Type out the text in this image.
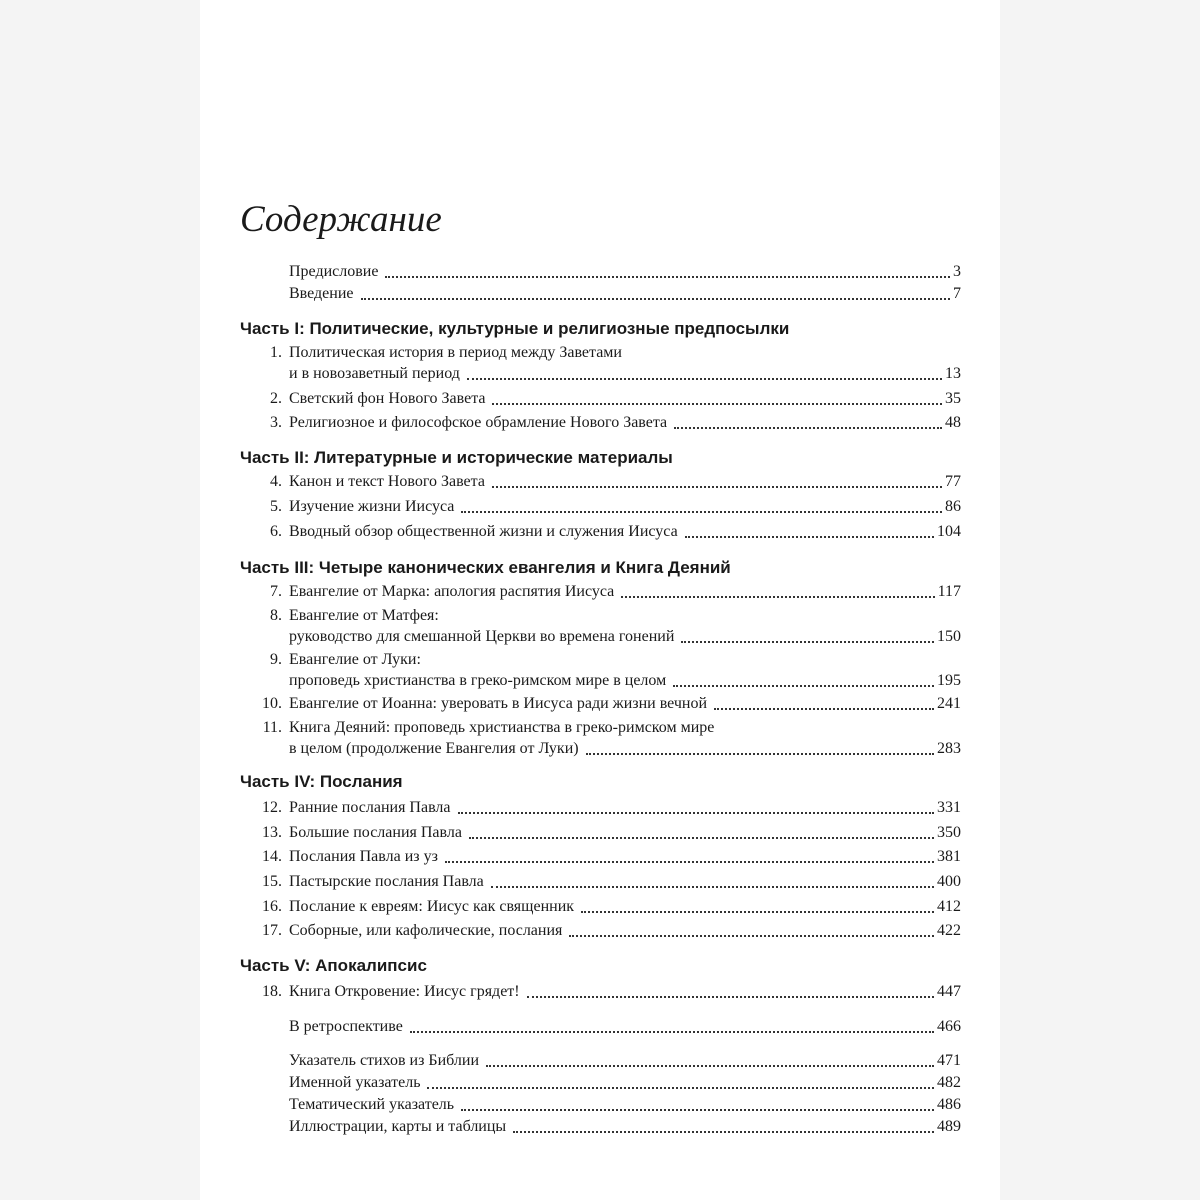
Содержание
Предисловие	3
Введение	7
Часть I: Политические, культурные и религиозные предпосылки
1. Политическая история в период между Заветами
и в новозаветный период	13
2. Светский фон Нового Завета	35
3. Религиозное и философское обрамление Нового Завета	48
Часть II: Литературные и исторические материалы
4. Канон и текст Нового Завета	77
5. Изучение жизни Иисуса	86
6. Вводный обзор общественной жизни и служения Иисуса	104
Часть III: Четыре канонических евангелия и Книга Деяний
7. Евангелие от Марка: апология распятия Иисуса	117
8. Евангелие от Матфея:
руководство для смешанной Церкви во времена гонений	150
9. Евангелие от Луки:
проповедь христианства в греко-римском мире в целом	195
10. Евангелие от Иоанна: уверовать в Иисуса ради жизни вечной	241
11. Книга Деяний: проповедь христианства в греко-римском мире
в целом (продолжение Евангелия от Луки)	283
Часть IV: Послания
12. Ранние послания Павла	331
13. Большие послания Павла	350
14. Послания Павла из уз	381
15. Пастырские послания Павла	400
16. Послание к евреям: Иисус как священник	412
17. Соборные, или кафолические, послания	422
Часть V: Апокалипсис
18. Книга Откровение: Иисус грядет!	447
В ретроспективе	466
Указатель стихов из Библии	471
Именной указатель	482
Тематический указатель	486
Иллюстрации, карты и таблицы	489
